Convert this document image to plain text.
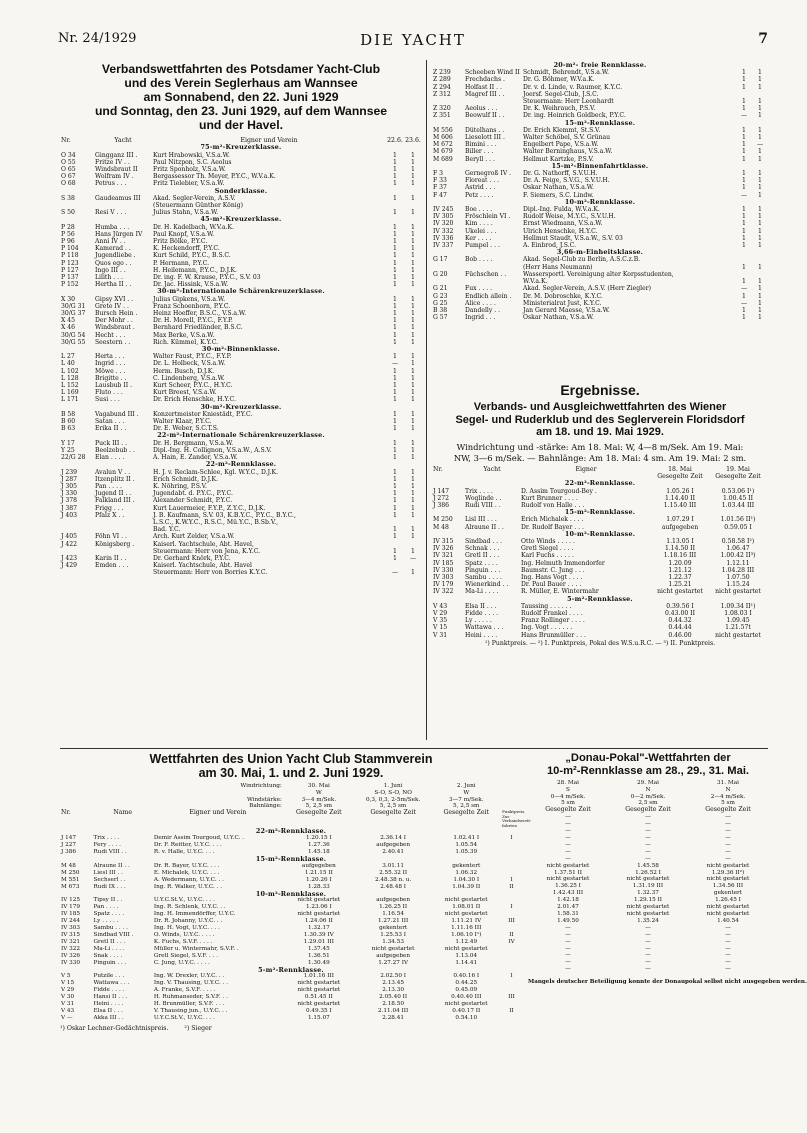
Nr. 24/1929	DIE YACHT	7
Verbandswettfahrten des Potsdamer Yacht-Club
und des Verein Seglerhaus am Wannsee
am Sonnabend, den 22. Juni 1929
und Sonntag, den 23. Juni 1929, auf dem Wannsee
und der Havel.
Nr.	Yacht	Eigner und Verein	22.6.	23.6.
75-m²-Kreuzerklasse.				
O 34	Gingganz III .	Kurt Hrabowski, V.S.a.W.	1	1
O 55	Fritze IV . .	Paul Nitzpon, S.C. Aeolus	1	1
O 65	Windsbraut II	Fritz Sponholz, V.S.a.W.	1	1
O 67	Wolfram IV .	Bergassessor Th. Meyer, P.Y.C., W.V.a.K.	1	1
O 68	Petrus . . .	Fritz Tielebier, V.S.a.W.	1	1
Sonderklasse.				
S 38	Gaudeamus III	Akad. Segler-Verein, A.S.V.	1	1
		(Steuermann Günther König)		
S 50	Resi V . . .	Julius Stahn, V.S.a.W.	1	1
45-m²-Kreuzerklasse.				
P 28	Humba . . .	Dr. H. Kadelbach, W.V.a.K.	1	1
P 56	Hans Jürgen IV	Paul Knopf, V.S.a.W.	1	1
P 96	Anni IV . .	Fritz Bölke, P.Y.C.	1	1
P 104	Kamerad . .	K. Heckendorff, P.Y.C.	1	1
P 118	Jugendliebe .	Kurt Schild, P.Y.C., B.S.C.	1	1
P 123	Quos ego . .	P. Hermann, P.Y.C.	1	1
P 127	Ingo III . .	H. Heilemann, P.Y.C., D.J.K.	1	1
P 137	Lilith . . .	Dr. ing. F. W. Krause, P.Y.C., S.V. 03	1	1
P 152	Hertha II . .	Dr. Jac. Hissink, V.S.a.W.	1	1
30-m²-Internationale Schärenkreuzerklasse.				
X 30	Gipsy XVI . .	Julius Gipkens, V.S.a.W.	1	1
30/G 31	Grete IV . .	Franz Schoenborn, P.Y.C.	1	1
30/G 37	Bursch Hein .	Heinz Hoeffer, B.S.C., V.S.a.W.	1	1
X 45	Der Mohr . .	Dr. H. Morell, P.Y.C., F.Y.P.	1	1
X 46	Windsbraut .	Bernhard Friedländer, B.S.C.	1	1
30/G 54	Hecht . . .	Max Berke, V.S.a.W.	1	1
30/G 55	Seestern . .	Rich. Kümmel, K.Y.C.	1	1
30-m²-Binnenklasse.				
L 27	Herta . . .	Walter Faust, P.Y.C., F.Y.P.	1	1
L 40	Ingrid . . .	Dr. L. Holbeck, V.S.a.W.	—	1
L 102	Möwe . . .	Herm. Busch, D.J.K.	1	1
L 128	Brigitte . .	C. Lindenberg, V.S.a.W.	1	1
L 152	Lausbub II .	Kurt Scheer, P.Y.C., H.Y.C.	1	1
L 169	Fluto . . .	Kurt Breest, V.S.a.W.	1	1
L 171	Susi . . .	Dr. Erich Henschke, H.Y.C.	1	1
30-m²-Kreuzerklasse.				
B 58	Vagabund III .	Konzertmeister Kniestädt, P.Y.C.	1	1
B 60	Satan . . .	Walter Klaar, P.Y.C.	1	1
B 63	Erika II . .	Dr. E. Weber, S.C.T.S.	1	1
22-m²-Internationale Schärenkreuzerklasse.				
Y 17	Puck III . .	Dr. H. Bergmann, V.S.a.W.	1	1
Y 25	Beelzebub . .	Dipl.-Ing. H. Collignon, V.S.a.W., A.S.V.	1	1
22/G 28	Elan . . . .	A. Hain, E. Zander, V.S.a.W.	1	1
22-m²-Rennklasse.				
J 239	Avalun V . .	H. J. v. Reclam-Schlee, Kgl. W.Y.C., D.J.K.	1	1
J 287	Itzenplitz II .	Erich Schmidt, D.J.K.	1	1
J 305	Pan . . . .	K. Nöhring, P.S.V.	1	1
J 330	Jugend II . .	Jugendabt. d. P.Y.C., P.Y.C.	1	1
J 378	Falkland III .	Alexander Schmidt, P.Y.C.	1	1
J 387	Frigg . . .	Kurt Lauermeier, F.Y.P., Z.Y.C., D.J.K.	1	1
J 403	Pfalz X . .	J. B. Kaufmann, S.V. 03, K.B.Y.C., P.Y.C., B.Y.C.,	1	1
		L.S.C., K.W.Y.C., R.S.C., Mü.Y.C., B.Sb.V.,		
		Bad. Y.C.	1	1
J 405	Föhn VI . .	Arch. Kurt Zelder, V.S.a.W.	1	1
J 422	Königsberg .	Kaiserl. Yachtschule, Abt. Havel,		
		Steuermann: Herr von Jena, K.Y.C.	1	1
J 423	Karin II . .	Dr. Gerhard Knörk, P.Y.C.	1	—
J 429	Emden . . .	Kaiserl. Yachtschule, Abt. Havel		
		Steuermann: Herr von Borries K.Y.C.	—	1
20-m²- freie Rennklasse.				
Z 239	Scheeben Wind II	Schmidt, Behrendt, V.S.a.W.	1	1
Z 289	Frechdachs .	Dr. G. Böhmer, W.V.a.K.	1	1
Z 294	Holfast II . .	Dr. v. d. Linde, v. Raumer, K.Y.C.	1	1
Z 312	Magref III . .	Joersf. Segel-Club, J.S.C.		
		Steuermann: Herr Leonhardt	1	1
Z 320	Aeolus . . .	Dr. K. Weihrauch, P.S.V.	1	1
Z 351	Beowulf II . .	Dr. ing. Heinrich Goldbeck, P.Y.C.	—	1
15-m²-Rennklasse.				
M 556	Dütelhans . .	Dr. Erich Klemmt, St.S.V.	1	1
M 606	Lieselott III .	Walter Schöbel, S.V. Grünau	1	1
M 672	Bimini . . .	Engelbert Pape, V.S.a.W.	1	—
M 679	Biller . . .	Walter Berninghaus, V.S.a.W.	1	1
M 689	Beryll . . .	Hellmut Kartzke, P.S.V.	1	1
15-m²-Binnenfahrtklasse.				
F 3	Gernegroß IV .	Dr. G. Nathorff, S.V.U.H.	1	1
F 33	Floreat . . .	Dr. A. Feige, S.V.G., S.V.U.H.	1	1
F 37	Astrid . . .	Oskar Nathan, V.S.a.W.	1	1
F 47	Petz . . . .	F. Siemers, S.C. Lindw.	—	1
10-m²-Rennklasse.				
IV 245	Boe . . . .	Dipl.-Ing. Fulda, W.V.a.K.	1	1
IV 305	Fröschlein VI .	Rudolf Weise, M.Y.C., S.V.U.H.	1	1
IV 320	Kim . . . .	Ernst Wiedmann, V.S.a.W.	1	1
IV 332	Ukelei . . .	Ulrich Henschke, H.Y.C.	1	1
IV 336	Ker . . . .	Hellmut Staudt, V.S.a.W., S.V. 03	1	1
IV 337	Pumpel . . .	A. Einbrod, J.S.C.	1	1
3,66-m-Einheitsklasse.				
G 17	Bob . . . .	Akad. Segel-Club zu Berlin, A.S.C.z.B.		
		(Herr Hans Neumann)	1	1
G 20	Füchschen . .	Wassersportl. Vereinigung alter Korpsstudenten,		
		W.V.a.K.	1	1
G 21	Fux . . . .	Akad. Segler-Verein, A.S.V. (Herr Ziegler)	—	1
G 23	Endlich allein .	Dr. M. Dobroschke, K.Y.C.	1	1
G 25	Alice . . . .	Ministerialrat Just, K.Y.C.	—	1
B 38	Dandelly . .	Jan Gerard Maesse, V.S.a.W.	1	1
G 57	Ingrid . . .	Oskar Nathan, V.S.a.W.	1	1
Ergebnisse.
Verbands- und Ausgleichwettfahrten des Wiener
Segel- und Ruderklub und des Seglerverein Floridsdorf
am 18. und 19. Mai 1929.
Windrichtung und -stärke: Am 18. Mai: W, 4—8 m/Sek. Am 19. Mai:
NW, 3—6 m/Sek. — Bahnlänge: Am 18. Mai: 4 sm. Am 19. Mai: 2 sm.
Nr.	Yacht	Eigner	18. Mai	19. Mai
			Gesegelte Zeit	Gesegelte Zeit
22-m²-Rennklasse.				
J 147	Trix . . . .	D. Assim Tourgoud-Bey .	1.05.26 I	0.53.06 I¹)
J 272	Woglinde . .	Kurt Brunner . . . .	1.14.40 II	1.00.45 II
J 386	Rudi VIII . .	Rudolf von Halle . . .	1.15.40 III	1.03.44 III
15-m²-Rennklasse.				
M 250	Lisl III . . .	Erich Michalek . . . .	1.07.29 I	1.01.56 II¹)
M 48	Alraune II . .	Dr. Rudolf Bayer . . .	aufgegeben	0.59.05 I
10-m²-Rennklasse.				
IV 315	Sindbad . . .	Otto Winds . . . . .	1.13.05 I	0.58.58 I²)
IV 326	Schnak . . .	Gretl Siegel . . . .	1.14.50 II	1.06.47
IV 321	Gretl II . . .	Karl Fuchs . . . . .	1.18.16 III	1.00.42 II³)
IV 185	Spatz . . . .	Ing. Helmuth Immendorfer	1.20.09	1.12.11
IV 330	Pinguin . . .	Baumstr. C. Jung . . .	1.21.12	1.04.28 III
IV 303	Sambu . . . .	Ing. Hans Vogt . . . .	1.22.37	1.07.50
IV 179	Wienerkind . .	Dr. Paul Bauer . . . .	1.25.21	1.15.24
IV 322	Ma-Li . . . .	R. Müller, E. Wintermahr	nicht gestartet	nicht gestartet
5-m²-Rennklasse.				
V 43	Elsa II . . .	Taussing . . . . . .	0.39.56 I	1.09.34 II¹)
V 29	Fidde . . . .	Rudolf Frankel . . . .	0.43.00 II	1.08.03 I
V 35	Ly . . . . .	Franz Rollinger . . . .	0.44.32	1.09.45
V 15	Wattawa . . .	Ing. Vogt . . . . . .	0.44.44	1.21.57t
V 31	Heini . . . .	Hans Brunmüller . . .	0.46.00	nicht gestartet
¹) Punktpreis. — ²) I. Punktpreis, Pokal des W.S.u.R.C. — ³) II. Punktpreis.
Wettfahrten des Union Yacht Club Stammverein
am 30. Mai, 1. und 2. Juni 1929.
		Windrichtung:	30. Mai	1. Juni	2. Juni	
			W	S-O, S-O, NO	W	
		Windstärke:	3—4 m/Sek.	0,3, 0,3, 2-5m/Sek.	3—7 m/Sek.	
		Bahnlänge:	5, 2,5 sm	5, 2,5 sm	5, 2,5 sm	
Nr.	Name	Eigner und Verein	Gesegelte Zeit	Gesegelte Zeit	Gesegelte Zeit	Punktpreis. Zur Verbandswett-fahrten
22-m²-Rennklasse.						
J 147	Trix . . . .	Demir Assim Tourgoud, U.Y.C. .	1.20.15 I	2.36.14 I	1.02.41 I	I
J 227	Fery . . . .	Dr. F. Reitter, U.Y.C. . . .	1.27.36	aufgegeben	1.05.54	
J 386	Rudi VIII . .	R. v. Halle, U.Y.C. . . .	1.45.18	2.40.41	1.05.39	
15-m²-Rennklasse.						
M 48	Alraune II . .	Dr. R. Bayer, U.Y.C. . . .	aufgegeben	3.01.11	gekentert	
M 250	Liesl III . .	E. Michalek, U.Y.C. . . .	1.21.15 II	2.55.32 II	1.06.32	
M 551	Sechserl . .	A. Wedermann, U.Y.C. . .	1.20.26 I	2.48.38 n. u.	1.04.30 I	I
M 673	Rudi IX . . .	Ing. R. Walker, U.Y.C. . .	1.28.33	2.48.48 I	1.04.39 II	II
10-m²-Rennklasse.						
IV 125	Tipsy II . .	U.Y.C.St.V., U.Y.C. . . .	nicht gestartet	aufgegeben	nicht gestartet	
IV 179	Pan . . . .	Ing. R. Schlenk, U.Y.C. . .	1.23.06 I	1.26.25 II	1.08.01 II	I
IV 185	Spatz . . . .	Ing. H. Immendörffer, U.Y.C.	nicht gestartet	1.16.54	nicht gestartet	
IV 244	Ly . . . . .	Dr. R. Johanny, U.Y.C. . .	1.24.06 II	1.27.21 III	1.11.21 IV	III
IV 303	Sambu . . . .	Ing. H. Vogt, U.Y.C. . . .	1.32.17	gekentert	1.11.16 III	
IV 315	Sindbad VIII .	O. Winds, U.Y.C. . . . .	1.30.39 IV	1.25.53 I	1.06.10 I¹)	II
IV 321	Gretl II . . .	K. Fuchs, S.V.F. . . . .	1.29.01 III	1.34.53	1.12.49	IV
IV 322	Ma-Li . . . .	Müller u. Wintermahr, S.V.F. .	1.37.45	nicht gestartet	nicht gestartet	
IV 326	Snak . . . .	Gretl Siegel, S.V.F. . . .	1.36.51	aufgegeben	1.13.04	
IV 330	Pinguin . . .	C. Jung, U.Y.C. . . . .	1.30.49	1.27.27 IV	1.14.41	
5-m²-Rennklasse.						
V 5	Putzile . . .	Ing. W. Drexler, U.Y.C. . .	1.01.16 III	2.02.50 I	0.40.16 I	I
V 15	Wattawa . . .	Ing. V. Thausing, U.Y.C. . .	nicht gestartet	2.13.45	0.44.25	
V 29	Fidde . . . .	A. Franke, S.V.F. . . . .	nicht gestartet	2.13.30	0.45.09	
V 30	Hansi II . . .	H. Ruhmanseder, S.V.F. . .	0.51.45 II	2.05.40 II	0.40.40 III	III
V 31	Heini . . . .	H. Brunmüller, S.V.F. . . .	nicht gestartet	2.18.50	nicht gestartet	
V 43	Elsa II . . .	V. Thausing jun., U.Y.C. . .	0.49.35 I	2.11.04 III	0.40.17 II	II
V —	Akka III . .	U.Y.C.St.V., U.Y.C. . . .	1.15.07	2.28.41	0.54.10	
¹) Oskar Lechner-Gedächtnispreis.	²) Sieger
„Donau-Pokal"-Wettfahrten der
10-m²-Rennklasse am 28., 29., 31. Mai.
28. Mai	29. Mai	31. Mai
S	N	N
0—4 m/Sek.	0—2 m/Sek.	2—4 m/Sek.
5 sm	2,5 sm	5 sm
Gesegelte Zeit	Gesegelte Zeit	Gesegelte Zeit

—	—	—
—	—	—
—	—	—

—	—	—
—	—	—
—	—	—
—	—	—

nicht gestartet	1.45.58	nicht gestartet
1.37.51 II	1.26.52 I	1.29.36 II²)
nicht gestartet	nicht gestartet	nicht gestartet
1.36.25 I	1.31.19 III	1.34.56 III
1.42.43 III	1.32.37	gekentert
1.42.18	1.29.15 II	1.26.45 I
2.01.47	nicht gestartet	nicht gestartet
1.58.31	nicht gestartet	nicht gestartet
1.49.50	1.35.24	1.40.54

—	—	—
—	—	—
—	—	—
—	—	—
—	—	—
—	—	—
—	—	—
Mangels deutscher Beteiligung konnte der Donaupokal selbst nicht ausgegeben werden.
